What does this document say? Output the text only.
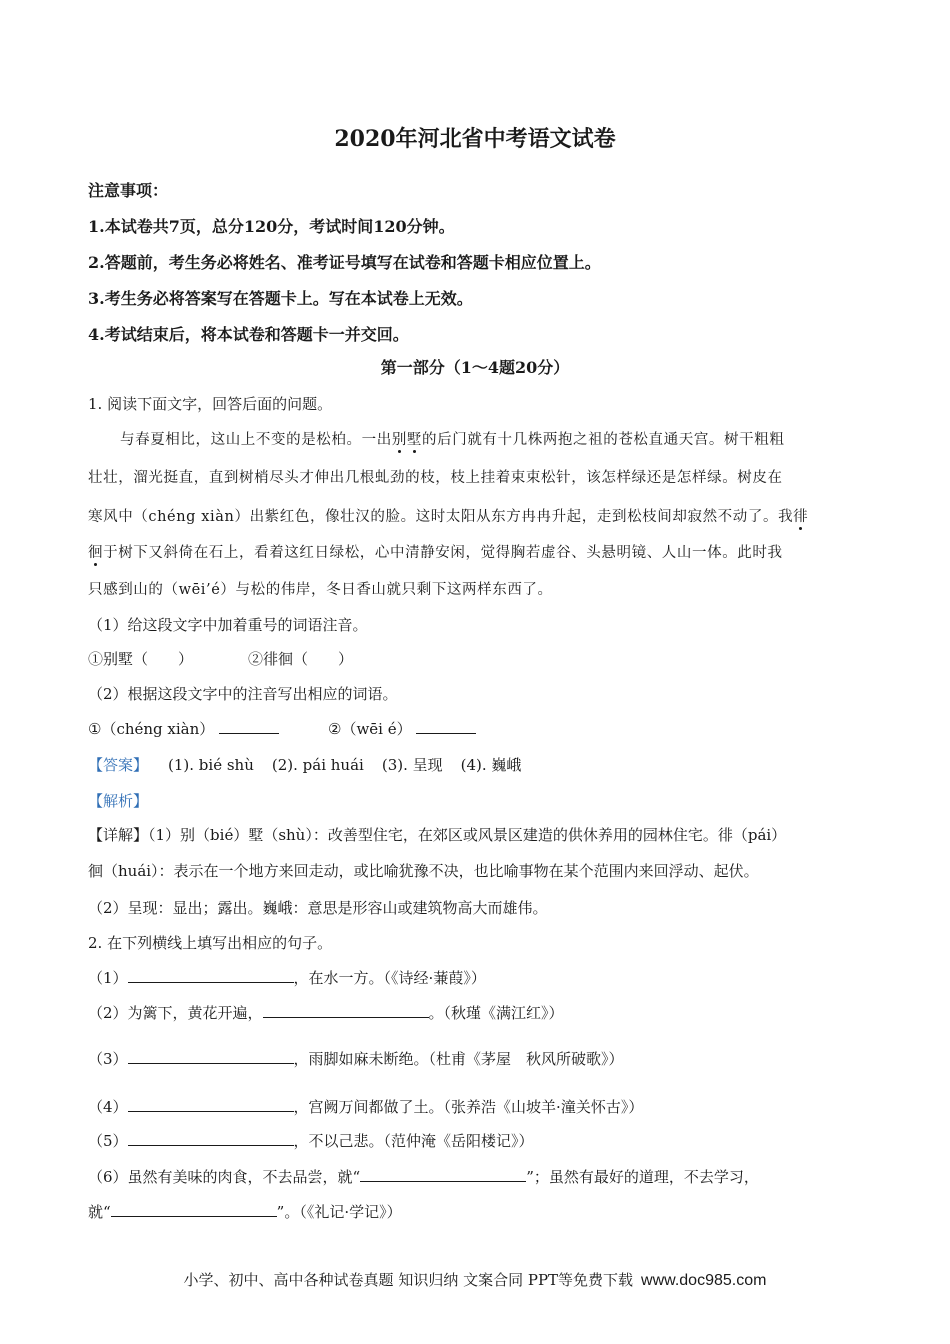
2020年河北省中考语文试卷
注意事项：
1.本试卷共7页，总分120分，考试时间120分钟。
2.答题前，考生务必将姓名、准考证号填写在试卷和答题卡相应位置上。
3.考生务必将答案写在答题卡上。写在本试卷上无效。
4.考试结束后，将本试卷和答题卡一并交回。
第一部分（1～4题20分）
1. 阅读下面文字，回答后面的问题。
与春夏相比，这山上不变的是松柏。一出别墅的后门就有十几株两抱之祖的苍松直通天宫。树干粗粗
壮壮，溜光挺直，直到树梢尽头才伸出几根虬劲的枝，枝上挂着束束松针，该怎样绿还是怎样绿。树皮在
寒风中（chéng xiàn）出紫红色，像壮汉的脸。这时太阳从东方冉冉升起，走到松枝间却寂然不动了。我徘
徊于树下又斜倚在石上，看着这红日绿松，心中清静安闲，觉得胸若虚谷、头悬明镜、人山一体。此时我
只感到山的（wēi’é）与松的伟岸，冬日香山就只剩下这两样东西了。
（1）给这段文字中加着重号的词语注音。
①别墅（　　）	②徘徊（　　）
（2）根据这段文字中的注音写出相应的词语。
①（chéng xiàn）	②（wēi é）
【答案】 (1). bié shù (2). pái huái (3). 呈现 (4). 巍峨
【解析】
【详解】（1）别（bié）墅（shù）：改善型住宅，在郊区或风景区建造的供休养用的园林住宅。徘（pái）
徊（huái）：表示在一个地方来回走动，或比喻犹豫不决，也比喻事物在某个范围内来回浮动、起伏。
（2）呈现：显出；露出。巍峨：意思是形容山或建筑物高大而雄伟。
2. 在下列横线上填写出相应的句子。
（1）	，在水一方。（《诗经·蒹葭》）
（2）为篱下，黄花开遍，	。（秋瑾《满江红》）
（3）	，雨脚如麻未断绝。（杜甫《茅屋　秋风所破歌》）
（4）	，宫阙万间都做了土。（张养浩《山坡羊·潼关怀古》）
（5）	，不以己悲。（范仲淹《岳阳楼记》）
（6）虽然有美味的肉食，不去品尝，就“	”；虽然有最好的道理，不去学习，
就“	”。（《礼记·学记》）
小学、初中、高中各种试卷真题 知识归纳 文案合同 PPT等免费下载 www.doc985.com
